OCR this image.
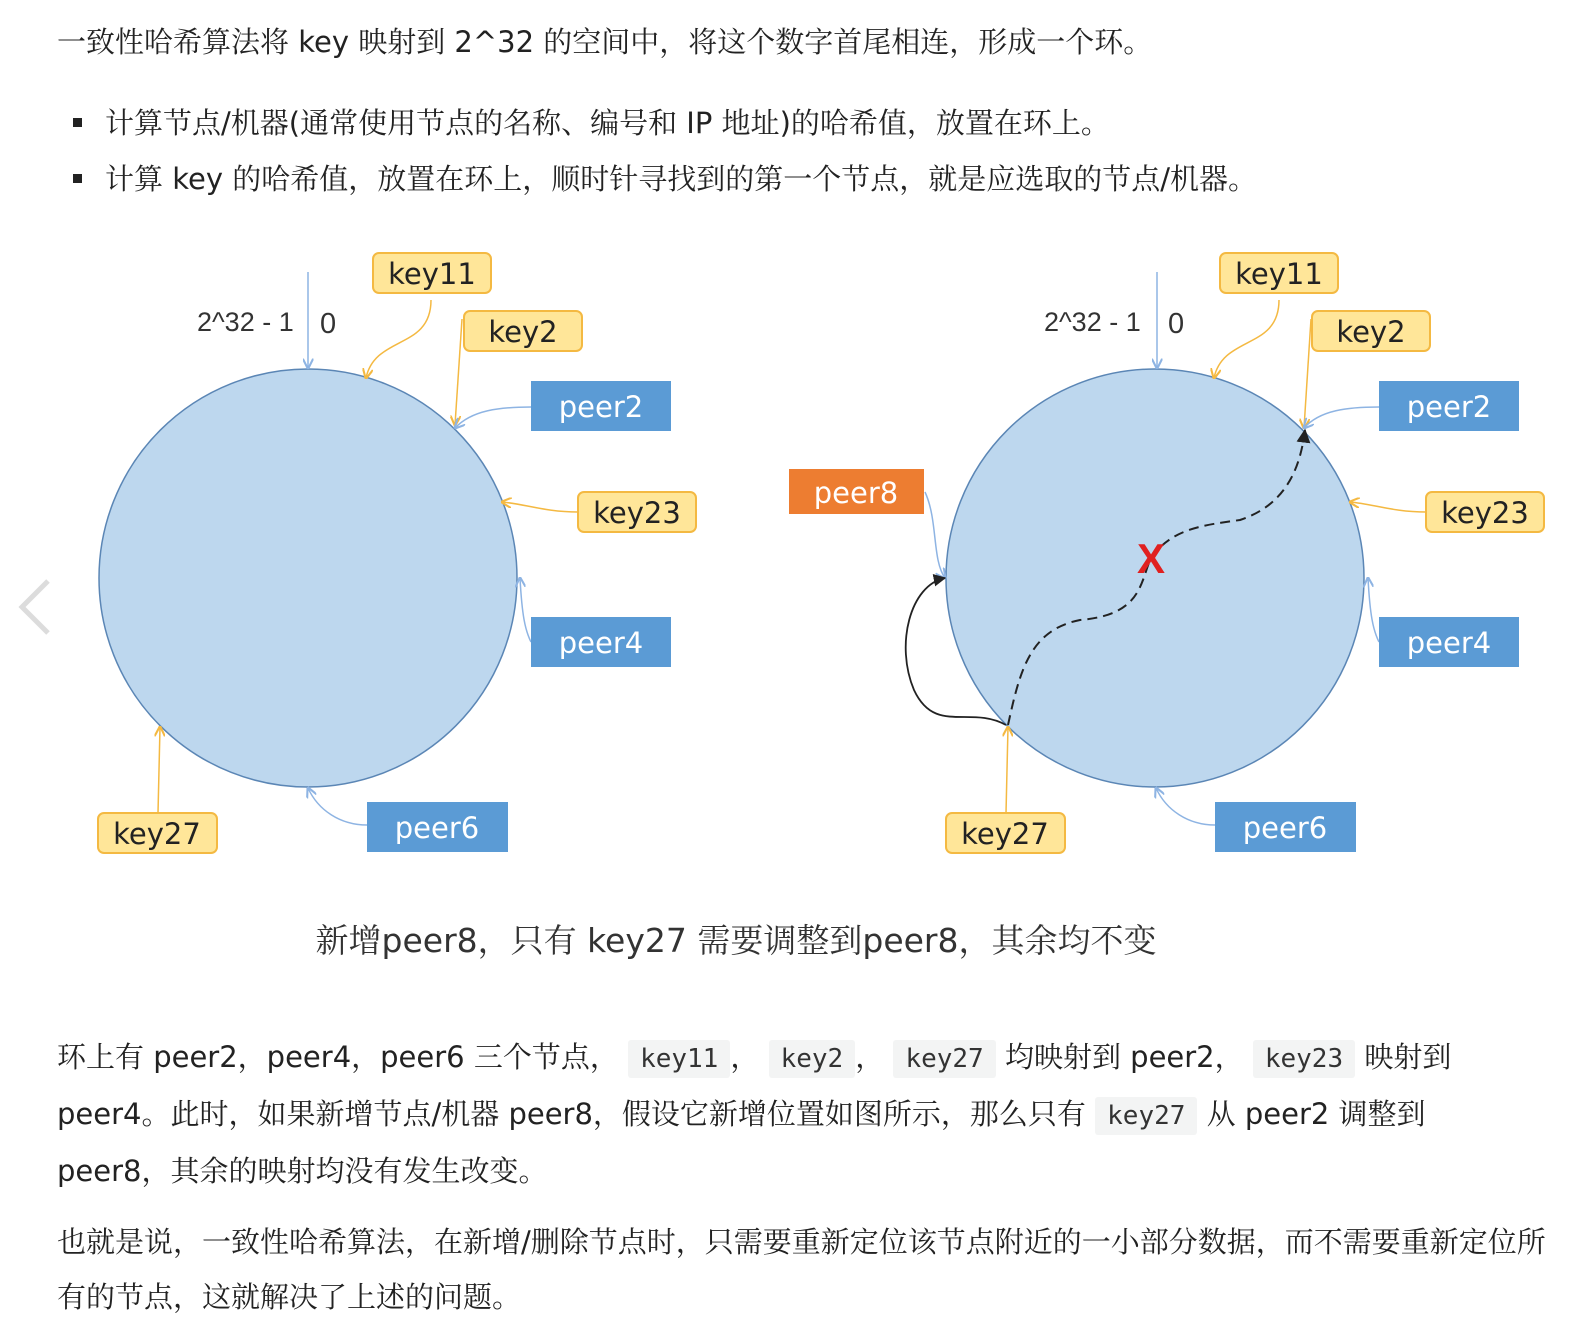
一致性哈希算法将 key 映射到 2^32 的空间中，将这个数字首尾相连，形成一个环。

计算节点/机器(通常使用节点的名称、编号和 IP 地址)的哈希值，放置在环上。
计算 key 的哈希值，放置在环上，顺时针寻找到的第一个节点，就是应选取的节点/机器。
2^32 - 1 0
key11
key2
key23
key27
peer2
peer4
peer6
2^32 - 1 0
X
key11
key2
key23
key27
peer2
peer4
peer6
peer8
新增peer8，只有 key27 需要调整到peer8，其余均不变

环上有 peer2，peer4，peer6 三个节点， key11 ， key2 ， key27 均映射到 peer2， key23 映射到 peer4。此时，如果新增节点/机器 peer8，假设它新增位置如图所示，那么只有 key27 从 peer2 调整到 peer8，其余的映射均没有发生改变。

也就是说，一致性哈希算法，在新增/删除节点时，只需要重新定位该节点附近的一小部分数据，而不需要重新定位所有的节点，这就解决了上述的问题。
